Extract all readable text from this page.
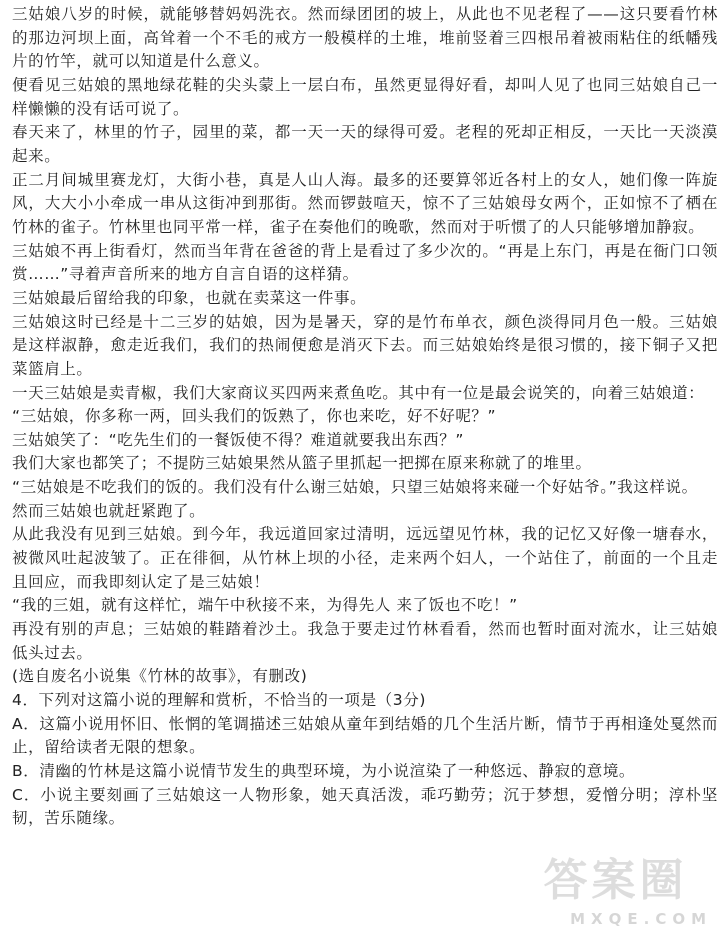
三姑娘八岁的时候，就能够替妈妈洗衣。然而绿团团的坡上，从此也不见老程了——这只要看竹林的那边河坝上面，高耸着一个不毛的戒方一般模样的土堆，堆前竖着三四根吊着被雨粘住的纸幡残片的竹竿，就可以知道是什么意义。

便看见三姑娘的黑地绿花鞋的尖头蒙上一层白布，虽然更显得好看，却叫人见了也同三姑娘自己一样懒懒的没有话可说了。

春天来了，林里的竹子，园里的菜，都一天一天的绿得可爱。老程的死却正相反，一天比一天淡漠起来。

正二月间城里赛龙灯，大街小巷，真是人山人海。最多的还要算邻近各村上的女人，她们像一阵旋风，大大小小牵成一串从这街冲到那街。然而锣鼓喧天，惊不了三姑娘母女两个，正如惊不了栖在竹林的雀子。竹林里也同平常一样，雀子在奏他们的晚歌，然而对于听惯了的人只能够增加静寂。

三姑娘不再上街看灯，然而当年背在爸爸的背上是看过了多少次的。“再是上东门，再是在衙门口领赏……”寻着声音所来的地方自言自语的这样猜。

三姑娘最后留给我的印象，也就在卖菜这一件事。

三姑娘这时已经是十二三岁的姑娘，因为是暑天，穿的是竹布单衣，颜色淡得同月色一般。三姑娘是这样淑静，愈走近我们，我们的热闹便愈是消灭下去。而三姑娘始终是很习惯的，接下铜子又把菜篮肩上。

一天三姑娘是卖青椒，我们大家商议买四两来煮鱼吃。其中有一位是最会说笑的，向着三姑娘道：

“三姑娘，你多称一两，回头我们的饭熟了，你也来吃，好不好呢？”

三姑娘笑了：“吃先生们的一餐饭使不得？难道就要我出东西？”

我们大家也都笑了；不提防三姑娘果然从篮子里抓起一把掷在原来称就了的堆里。

“三姑娘是不吃我们的饭的。我们没有什么谢三姑娘，只望三姑娘将来碰一个好姑爷。”我这样说。

然而三姑娘也就赶紧跑了。

从此我没有见到三姑娘。到今年，我远道回家过清明，远远望见竹林，我的记忆又好像一塘春水，被微风吐起波皱了。正在徘徊，从竹林上坝的小径，走来两个妇人，一个站住了，前面的一个且走且回应，而我即刻认定了是三姑娘！

“我的三姐，就有这样忙，端午中秋接不来，为得先人 来了饭也不吃！”

再没有别的声息；三姑娘的鞋踏着沙土。我急于要走过竹林看看，然而也暂时面对流水，让三姑娘低头过去。

(选自废名小说集《竹林的故事》，有删改)

4．下列对这篇小说的理解和赏析，不恰当的一项是（3分)

A．这篇小说用怀旧、怅惘的笔调描述三姑娘从童年到结婚的几个生活片断，情节于再相逢处戛然而止，留给读者无限的想象。

B．清幽的竹林是这篇小说情节发生的典型环境，为小说渲染了一种悠远、静寂的意境。

C．小说主要刻画了三姑娘这一人物形象，她天真活泼，乖巧勤劳；沉于梦想，爱憎分明；淳朴坚韧，苦乐随缘。

答案圈
MXQE.COM
